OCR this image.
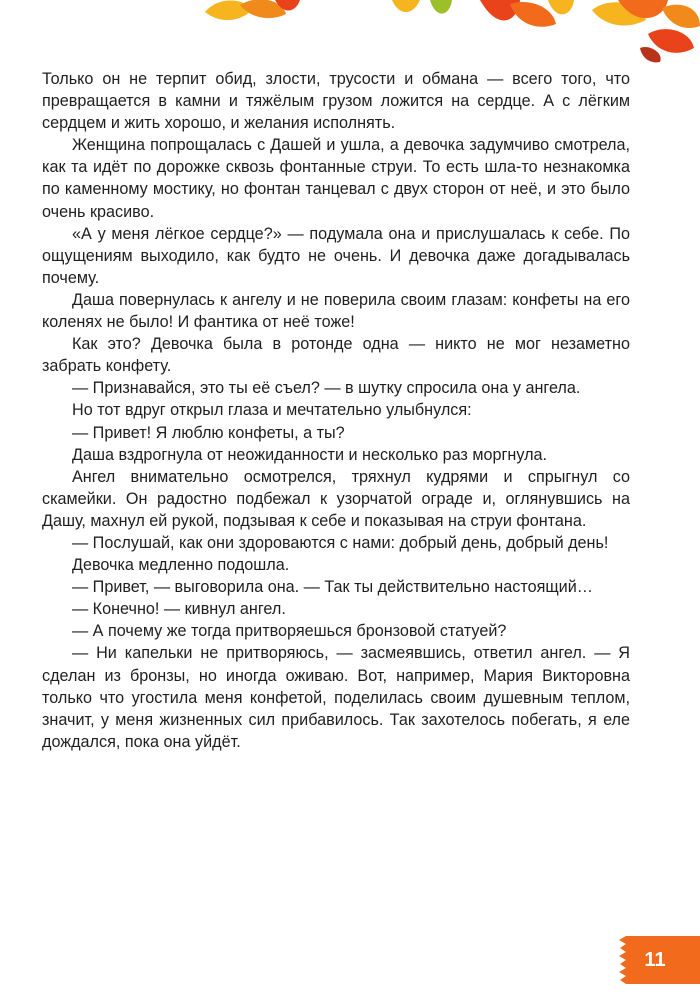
Только он не терпит обид, злости, трусости и обмана — всего того, что превращается в камни и тяжёлым грузом ложится на сердце. А с лёгким сердцем и жить хорошо, и желания исполнять.

Женщина попрощалась с Дашей и ушла, а девочка задумчиво смотрела, как та идёт по дорожке сквозь фонтанные струи. То есть шла-то незнакомка по каменному мостику, но фонтан танцевал с двух сторон от неё, и это было очень красиво.

«А у меня лёгкое сердце?» — подумала она и прислушалась к себе. По ощущениям выходило, как будто не очень. И девочка даже догадывалась почему.

Даша повернулась к ангелу и не поверила своим глазам: конфеты на его коленях не было! И фантика от неё тоже!

Как это? Девочка была в ротонде одна — никто не мог незаметно забрать конфету.

— Признавайся, это ты её съел? — в шутку спросила она у ангела.

Но тот вдруг открыл глаза и мечтательно улыбнулся:

— Привет! Я люблю конфеты, а ты?

Даша вздрогнула от неожиданности и несколько раз моргнула.

Ангел внимательно осмотрелся, тряхнул кудрями и спрыгнул со скамейки. Он радостно подбежал к узорчатой ограде и, оглянувшись на Дашу, махнул ей рукой, подзывая к себе и показывая на струи фонтана.

— Послушай, как они здороваются с нами: добрый день, добрый день!

Девочка медленно подошла.

— Привет, — выговорила она. — Так ты действительно настоящий…

— Конечно! — кивнул ангел.

— А почему же тогда притворяешься бронзовой статуей?

— Ни капельки не притворяюсь, — засмеявшись, ответил ангел. — Я сделан из бронзы, но иногда оживаю. Вот, например, Мария Викторовна только что угостила меня конфетой, поделилась своим душевным теплом, значит, у меня жизненных сил прибавилось. Так захотелось побегать, я еле дождался, пока она уйдёт.

11
